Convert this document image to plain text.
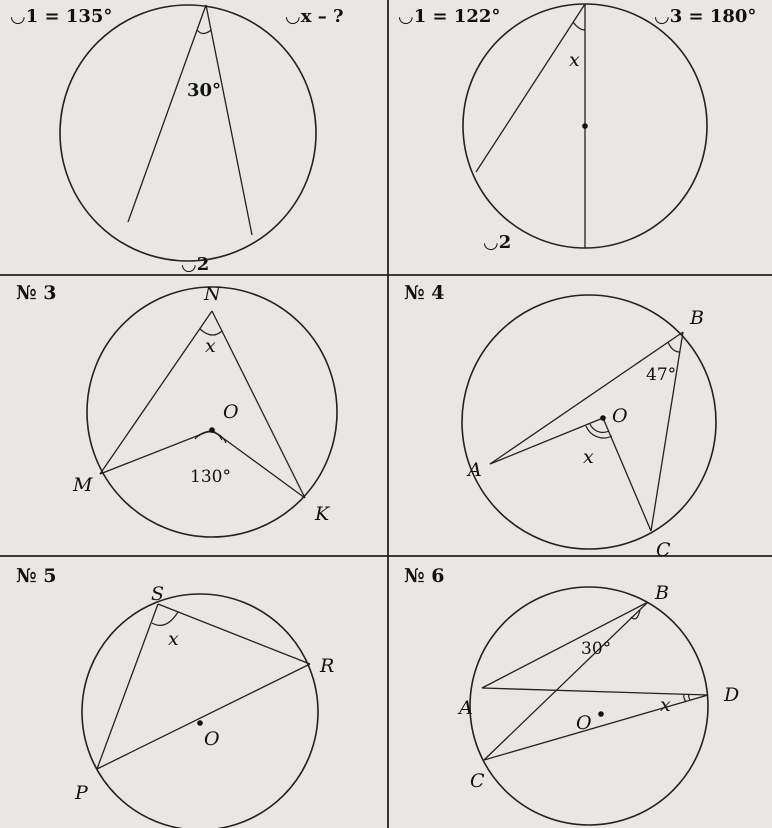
◡1 = 135°	◡x – ?
30°
◡2
◡1 = 122°	◡3 = 180°
x
◡2
№ 3	N
M
K
O
x
130°
№ 4
A
B
C
O
47°
x
№ 5
S
R
P
O
x
№ 6
A
B
C
D
O
30°
x
